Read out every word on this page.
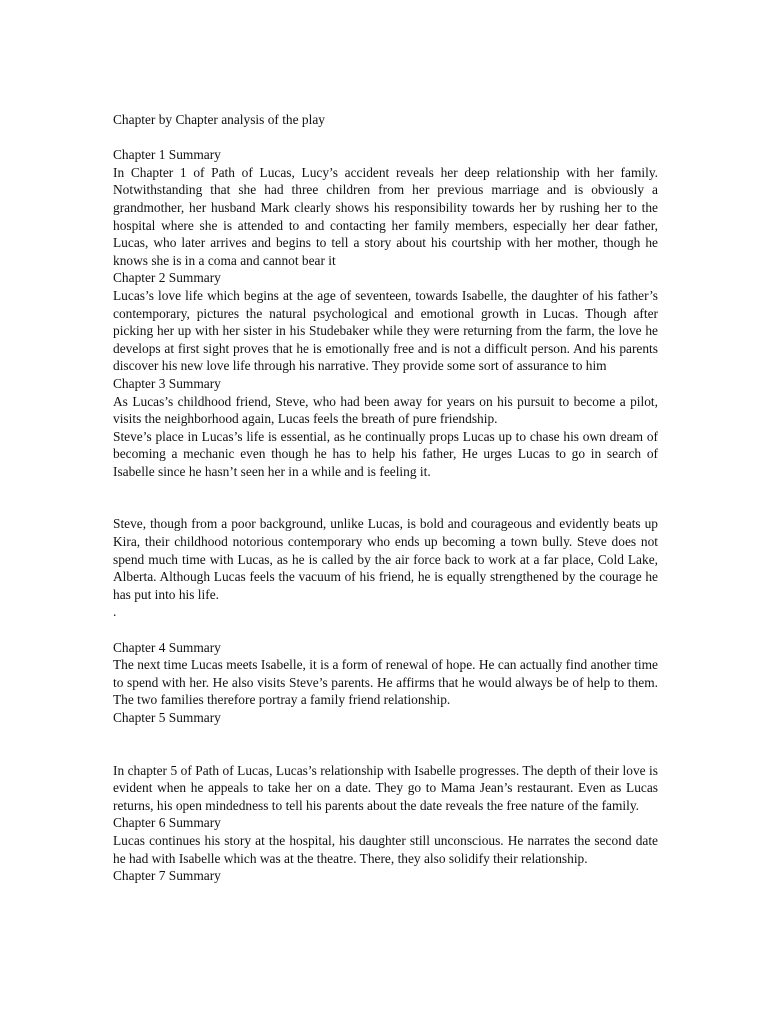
Chapter by Chapter analysis of the play

Chapter 1 Summary

In Chapter 1 of Path of Lucas, Lucy’s accident reveals her deep relationship with her family. Notwithstanding that she had three children from her previous marriage and is obviously a grandmother, her husband Mark clearly shows his responsibility towards her by rushing her to the hospital where she is attended to and contacting her family members, especially her dear father, Lucas, who later arrives and begins to tell a story about his courtship with her mother, though he knows she is in a coma and cannot bear it

Chapter 2 Summary

Lucas’s love life which begins at the age of seventeen, towards Isabelle, the daughter of his father’s contemporary, pictures the natural psychological and emotional growth in Lucas. Though after picking her up with her sister in his Studebaker while they were returning from the farm, the love he develops at first sight proves that he is emotionally free and is not a difficult person. And his parents discover his new love life through his narrative. They provide some sort of assurance to him

Chapter 3 Summary

As Lucas’s childhood friend, Steve, who had been away for years on his pursuit to become a pilot, visits the neighborhood again, Lucas feels the breath of pure friendship.

Steve’s place in Lucas’s life is essential, as he continually props Lucas up to chase his own dream of becoming a mechanic even though he has to help his father, He urges Lucas to go in search of Isabelle since he hasn’t seen her in a while and is feeling it.

Steve, though from a poor background, unlike Lucas, is bold and courageous and evidently beats up Kira, their childhood notorious contemporary who ends up becoming a town bully. Steve does not spend much time with Lucas, as he is called by the air force back to work at a far place, Cold Lake, Alberta. Although Lucas feels the vacuum of his friend, he is equally strengthened by the courage he has put into his life.

.

Chapter 4 Summary

The next time Lucas meets Isabelle, it is a form of renewal of hope. He can actually find another time to spend with her. He also visits Steve’s parents. He affirms that he would always be of help to them. The two families therefore portray a family friend relationship.

Chapter 5 Summary

In chapter 5 of Path of Lucas, Lucas’s relationship with Isabelle progresses. The depth of their love is evident when he appeals to take her on a date. They go to Mama Jean’s restaurant. Even as Lucas returns, his open mindedness to tell his parents about the date reveals the free nature of the family.

Chapter 6 Summary

Lucas continues his story at the hospital, his daughter still unconscious. He narrates the second date he had with Isabelle which was at the theatre. There, they also solidify their relationship.

Chapter 7 Summary
